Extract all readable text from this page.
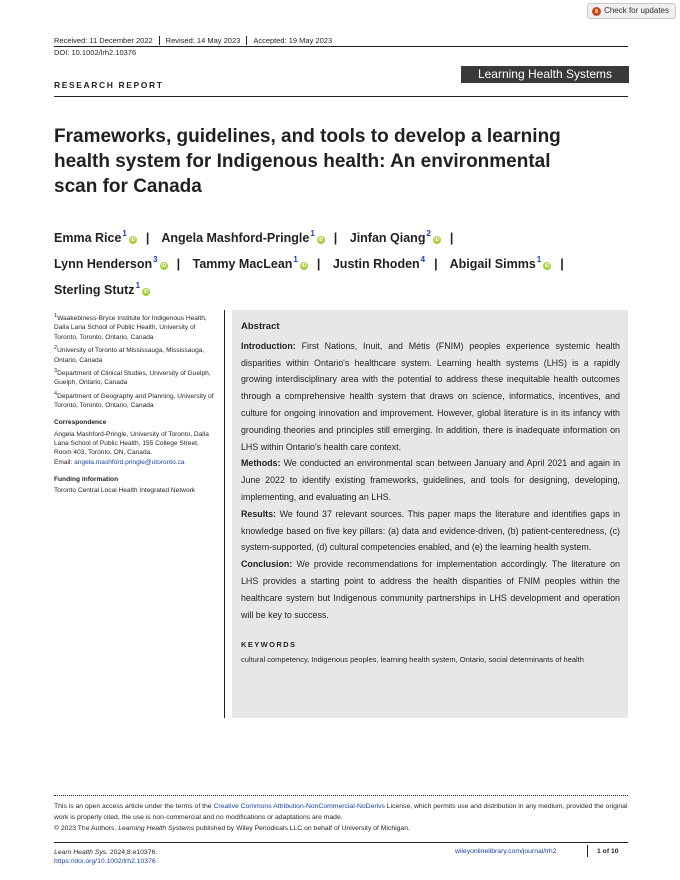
Check for updates
Received: 11 December 2022	Revised: 14 May 2023	Accepted: 19 May 2023
DOI: 10.1002/lrh2.10376
RESEARCH REPORT
Learning Health Systems
Frameworks, guidelines, and tools to develop a learning health system for Indigenous health: An environmental scan for Canada
Emma Rice$^1$iD | Angela Mashford-Pringle$^1$iD | Jinfan Qiang$^2$iD |
Lynn Henderson$^3$iD | Tammy MacLean$^1$iD | Justin Rhoden$^4$ | Abigail Simms$^1$iD |
Sterling Stutz$^1$iD

$^1$Waakebiness-Bryce Institute for Indigenous Health, Dalla Lana School of Public Health, University of Toronto, Toronto, Ontario, Canada

$^2$University of Toronto at Mississauga, Mississauga, Ontario, Canada

$^3$Department of Clinical Studies, University of Guelph, Guelph, Ontario, Canada

$^4$Department of Geography and Planning, University of Toronto, Toronto, Ontario, Canada

Correspondence

Angela Mashford-Pringle, University of Toronto, Dalla Lana School of Public Health, 155 College Street, Room 403, Toronto, ON, Canada.
Email: angela.mashford.pringle@utoronto.ca

Funding information

Toronto Central Local Health Integrated Network

Abstract

Introduction: First Nations, Inuit, and Métis (FNIM) peoples experience systemic health disparities within Ontario's healthcare system. Learning health systems (LHS) is a rapidly growing interdisciplinary area with the potential to address these inequitable health outcomes through a comprehensive health system that draws on science, informatics, incentives, and culture for ongoing innovation and improvement. However, global literature is in its infancy with grounding theories and principles still emerging. In addition, there is inadequate information on LHS within Ontario's health care context.

Methods: We conducted an environmental scan between January and April 2021 and again in June 2022 to identify existing frameworks, guidelines, and tools for designing, developing, implementing, and evaluating an LHS.

Results: We found 37 relevant sources. This paper maps the literature and identifies gaps in knowledge based on five key pillars: (a) data and evidence-driven, (b) patient-centeredness, (c) system-supported, (d) cultural competencies enabled, and (e) the learning health system.

Conclusion: We provide recommendations for implementation accordingly. The literature on LHS provides a starting point to address the health disparities of FNIM peoples within the healthcare system but Indigenous community partnerships in LHS development and operation will be key to success.

KEYWORDS

cultural competency, Indigenous peoples, learning health system, Ontario, social determinants of health

This is an open access article under the terms of the Creative Commons Attribution-NonCommercial-NoDerivs License, which permits use and distribution in any medium, provided the original work is properly cited, the use is non-commercial and no modifications or adaptations are made.
© 2023 The Authors. Learning Health Systems published by Wiley Periodicals LLC on behalf of University of Michigan.
Learn Health Sys. 2024;8:e10376.
https://doi.org/10.1002/lrh2.10376
wileyonlinelibrary.com/journal/lrh2	1 of 10
